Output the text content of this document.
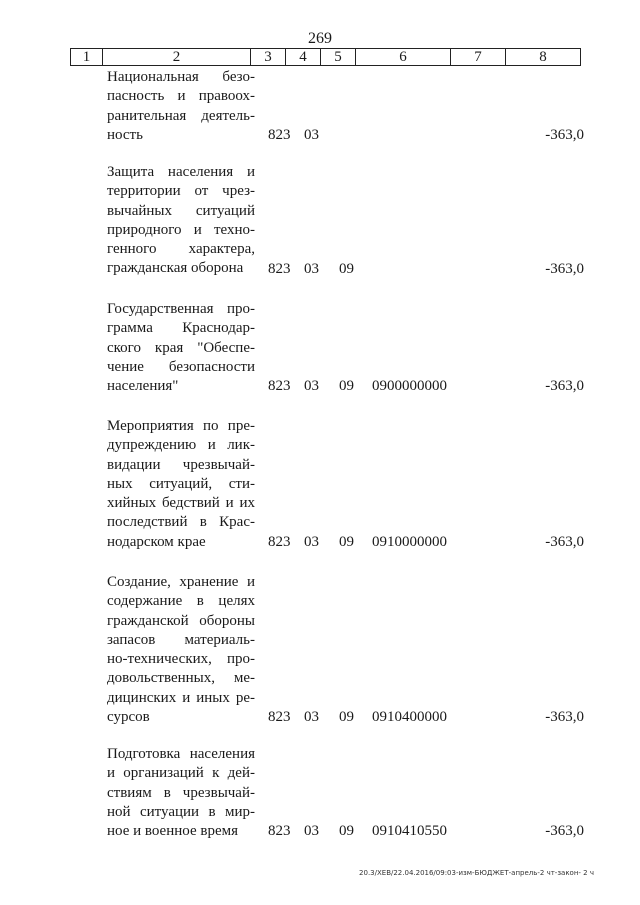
269
1	2	3	4	5	6	7	8
Национальная безо-
пасность и правоох-
ранительная деятель-
ность	823 03	-363,0
Защита населения и
территории от чрез-
вычайных ситуаций
природного и техно-
генного характера,
гражданская оборона	823 03 09	-363,0
Государственная про-
грамма Краснодар-
ского края "Обеспе-
чение безопасности
населения"	823 03 09 0900000000	-363,0
Мероприятия по пре-
дупреждению и лик-
видации чрезвычай-
ных ситуаций, сти-
хийных бедствий и их
последствий в Крас-
нодарском крае	823 03 09 0910000000	-363,0
Создание, хранение и
содержание в целях
гражданской обороны
запасов материаль-
но-технических, про-
довольственных, ме-
дицинских и иных ре-
сурсов	823 03 09 0910400000	-363,0
Подготовка населения
и организаций к дей-
ствиям в чрезвычай-
ной ситуации в мир-
ное и военное время	823 03 09 0910410550	-363,0
20.3/ХЕВ/22.04.2016/09:03-изм-БЮДЖЕТ-апрель-2 чт-закон- 2 ч
